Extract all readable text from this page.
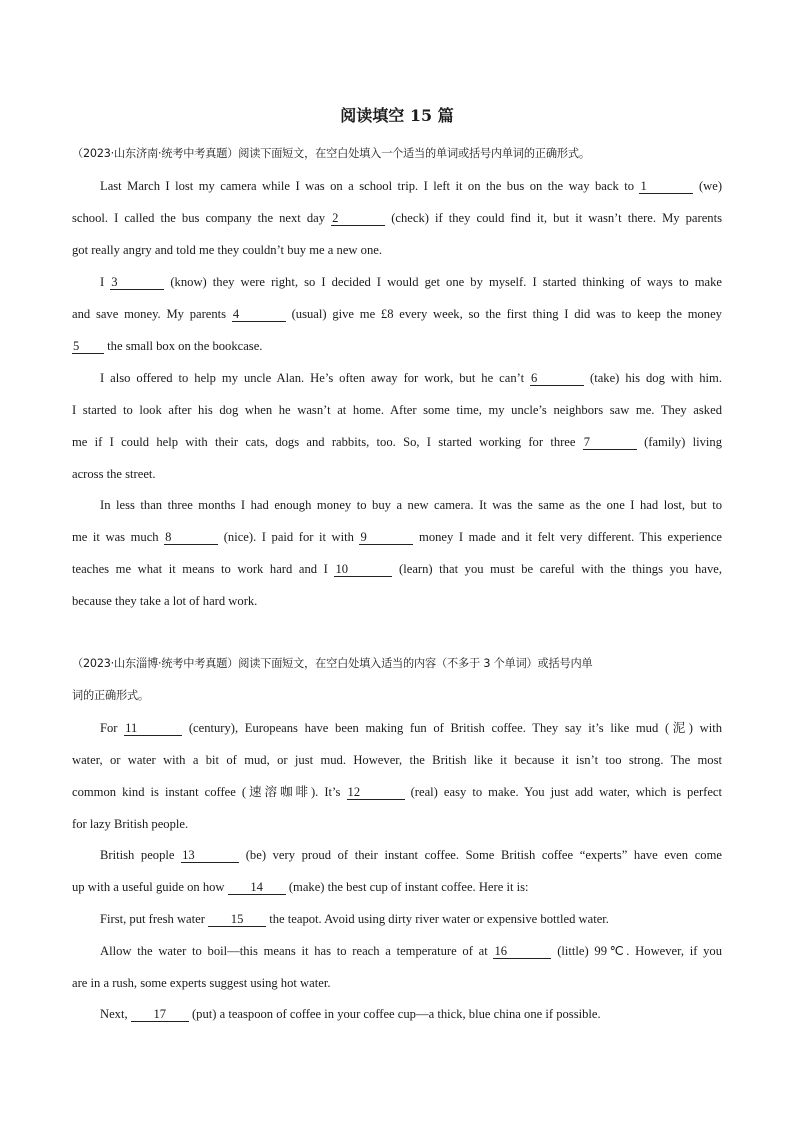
阅读填空 15 篇
（2023·山东济南·统考中考真题）阅读下面短文，在空白处填入一个适当的单词或括号内单词的正确形式。
Last March I lost my camera while I was on a school trip. I left it on the bus on the way back to 1	(we)
school. I called the bus company the next day 2	(check) if they could find it, but it wasn’t there. My parents
got really angry and told me they couldn’t buy me a new one.
I 3	(know) they were right, so I decided I would get one by myself. I started thinking of ways to make
and save money. My parents 4	(usual) give me £8 every week, so the first thing I did was to keep the money
5 the small box on the bookcase.
I also offered to help my uncle Alan. He’s often away for work, but he can’t 6	(take) his dog with him.
I started to look after his dog when he wasn’t at home. After some time, my uncle’s neighbors saw me. They asked
me if I could help with their cats, dogs and rabbits, too. So, I started working for three 7	(family) living
across the street.
In less than three months I had enough money to buy a new camera. It was the same as the one I had lost, but to
me it was much 8	(nice). I paid for it with 9	money I made and it felt very different. This experience
teaches me what it means to work hard and I 10	(learn) that you must be careful with the things you have,
because they take a lot of hard work.
（2023·山东淄博·统考中考真题）阅读下面短文，在空白处填入适当的内容（不多于 3 个单词）或括号内单
词的正确形式。
For 11	(century), Europeans have been making fun of British coffee. They say it’s like mud (泥) with
water, or water with a bit of mud, or just mud. However, the British like it because it isn’t too strong. The most
common kind is instant coffee (速溶咖啡). It’s 12	(real) easy to make. You just add water, which is perfect
for lazy British people.
British people 13	(be) very proud of their instant coffee. Some British coffee “experts” have even come
up with a useful guide on how 14 (make) the best cup of instant coffee. Here it is:
First, put fresh water 15 the teapot. Avoid using dirty river water or expensive bottled water.
Allow the water to boil—this means it has to reach a temperature of at 16	(little) 99℃. However, if you
are in a rush, some experts suggest using hot water.
Next, 17 (put) a teaspoon of coffee in your coffee cup—a thick, blue china one if possible.
